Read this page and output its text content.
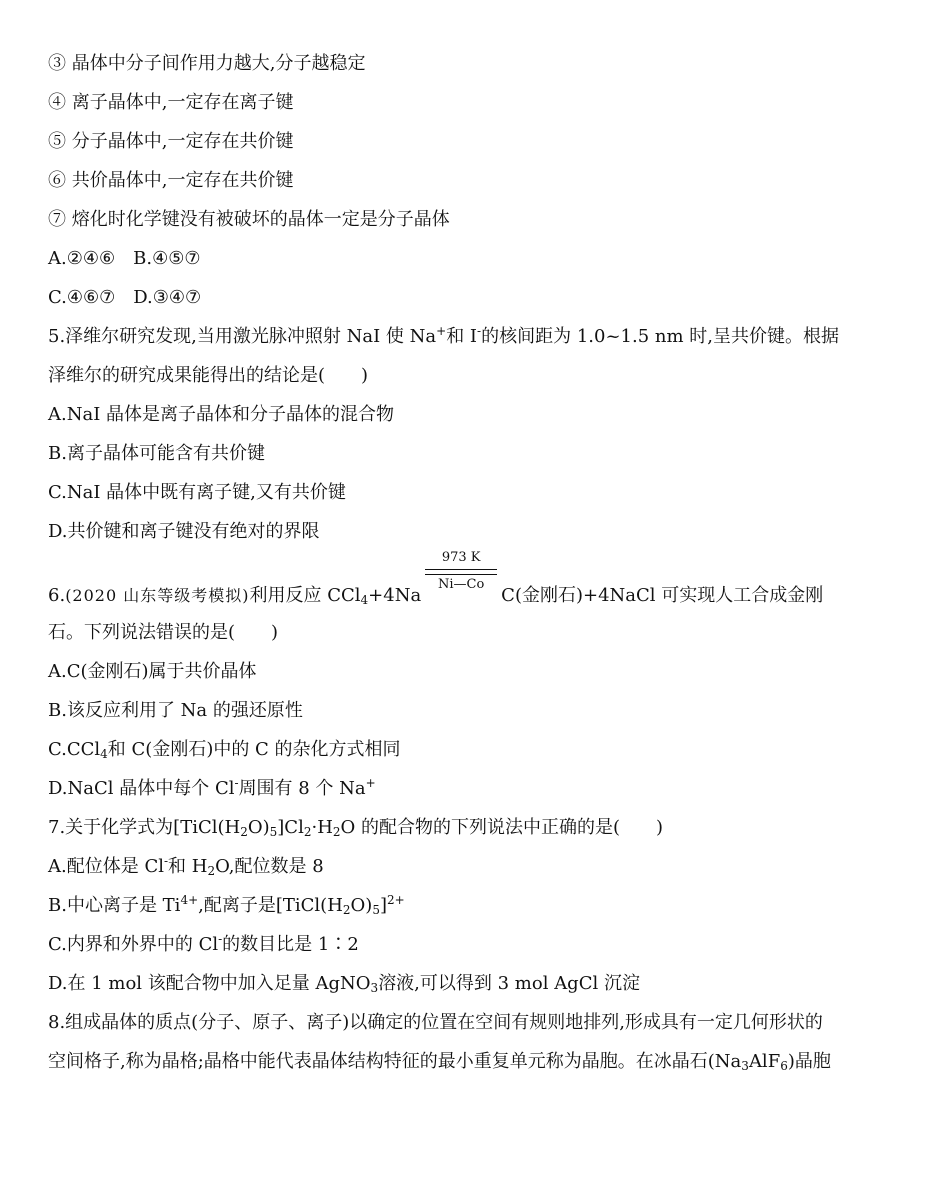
③ 晶体中分子间作用力越大,分子越稳定
④ 离子晶体中,一定存在离子键
⑤ 分子晶体中,一定存在共价键
⑥ 共价晶体中,一定存在共价键
⑦ 熔化时化学键没有被破坏的晶体一定是分子晶体
A.②④⑥ B.④⑤⑦
C.④⑥⑦ D.③④⑦
5.泽维尔研究发现,当用激光脉冲照射 NaI 使 Na+和 I-的核间距为 1.0~1.5 nm 时,呈共价键。根据
泽维尔的研究成果能得出的结论是(　　)
A.NaI 晶体是离子晶体和分子晶体的混合物
B.离子晶体可能含有共价键
C.NaI 晶体中既有离子键,又有共价键
D.共价键和离子键没有绝对的界限
6.(2020 山东等级考模拟)利用反应 CCl$_4$+4Na
$\frac{973 K}{Ni—Co}$
C(金刚石)+4NaCl 可实现人工合成金刚
石。下列说法错误的是(　　)
A.C(金刚石)属于共价晶体
B.该反应利用了 Na 的强还原性
C.CCl$_4$和 C(金刚石)中的 C 的杂化方式相同
D.NaCl 晶体中每个 Cl-周围有 8 个 Na+
7.关于化学式为$[TiCl(H_2O)_5]Cl_2\cdot H_2O$ 的配合物的下列说法中正确的是(　　)
A.配位体是 Cl-和 $H_2O$,配位数是 8
B.中心离子是 $Ti^{4+}$,配离子是$[TiCl(H_2O)_5]^{2+}$
C.内界和外界中的 Cl-的数目比是 1∶2
D.在 1 mol 该配合物中加入足量 AgNO$_3$溶液,可以得到 3 mol AgCl 沉淀
8.组成晶体的质点(分子、原子、离子)以确定的位置在空间有规则地排列,形成具有一定几何形状的
空间格子,称为晶格;晶格中能代表晶体结构特征的最小重复单元称为晶胞。在冰晶石$(Na_3AlF_6)$晶胞
